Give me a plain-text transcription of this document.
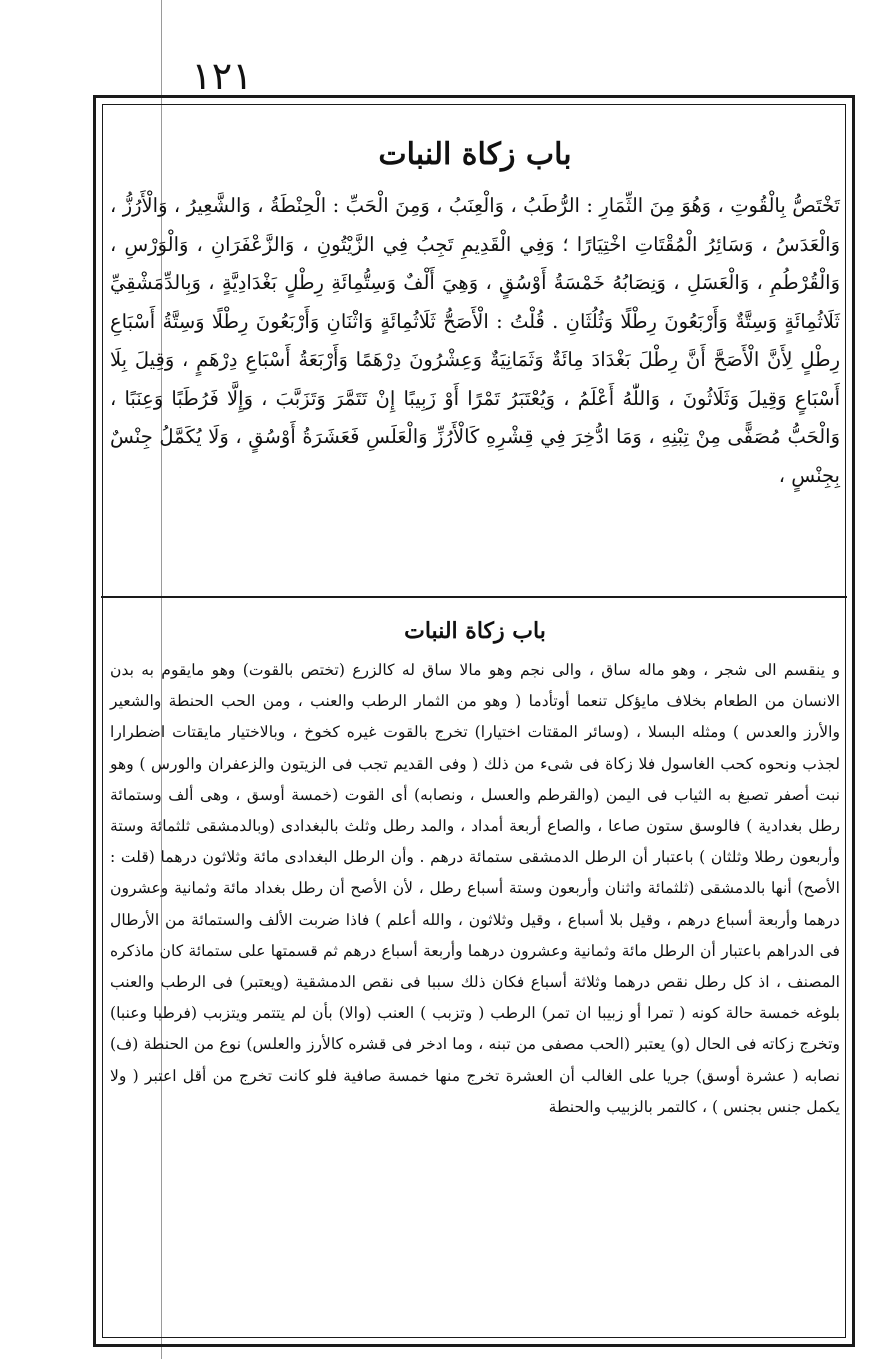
١٢١
باب زكاة النبات

تَخْتَصُّ بِالْقُوتِ ، وَهُوَ مِنَ الثِّمَارِ : الرُّطَبُ ، وَالْعِنَبُ ، وَمِنَ الْحَبِّ : الْحِنْطَةُ ، وَالشَّعِيرُ ، وَالْأَرُزُّ ، وَالْعَدَسُ ، وَسَائِرُ الْمُقْتَاتِ اخْتِيَارًا ؛ وَفِي الْقَدِيمِ تَجِبُ فِي الزَّيْتُونِ ، وَالزَّعْفَرَانِ ، وَالْوَرْسِ ، وَالْقُرْطُمِ ، وَالْعَسَلِ ، وَنِصَابُهُ خَمْسَةُ أَوْسُقٍ ، وَهِيَ أَلْفٌ وَسِتُّمِائَةِ رِطْلٍ بَغْدَادِيَّةٍ ، وَبِالدِّمَشْقِيِّ ثَلَاثُمِائَةٍ وَسِتَّةٌ وَأَرْبَعُونَ رِطْلًا وَثُلُثَانِ . قُلْتُ : الْأَصَحُّ ثَلَاثُمِائَةٍ وَاثْنَانِ وَأَرْبَعُونَ رِطْلًا وَسِتَّةُ أَسْبَاعِ رِطْلٍ لِأَنَّ الْأَصَحَّ أَنَّ رِطْلَ بَغْدَادَ مِائَةٌ وَثَمَانِيَةٌ وَعِشْرُونَ دِرْهَمًا وَأَرْبَعَةُ أَسْبَاعِ دِرْهَمٍ ، وَقِيلَ بِلَا أَسْبَاعٍ وَقِيلَ وَثَلَاثُونَ ، وَاللّٰهُ أَعْلَمُ ، وَيُعْتَبَرُ تَمْرًا أَوْ زَبِيبًا إِنْ تَتَمَّرَ وَتَزَبَّبَ ، وَإِلَّا فَرُطَبًا وَعِنَبًا ، وَالْحَبُّ مُصَفًّى مِنْ تِبْنِهِ ، وَمَا ادُّخِرَ فِي قِشْرِهِ كَالْأَرُزِّ وَالْعَلَسِ فَعَشَرَةُ أَوْسُقٍ ، وَلَا يُكَمَّلُ جِنْسٌ بِجِنْسٍ ،

باب زكاة النبات

و ينقسم الى شجر ، وهو ماله ساق ، والى نجم وهو مالا ساق له كالزرع (تختص بالقوت) وهو مايقوم به بدن الانسان من الطعام بخلاف مايؤكل تنعما أوتأدما ( وهو من الثمار الرطب والعنب ، ومن الحب الحنطة والشعير والأرز والعدس ) ومثله البسلا ، (وسائر المقتات اختيارا) تخرج بالقوت غيره كخوخ ، وبالاختيار مايقتات اضطرارا لجذب ونحوه كحب الغاسول فلا زكاة فى شىء من ذلك ( وفى القديم تجب فى الزيتون والزعفران والورس ) وهو نبت أصفر تصبغ به الثياب فى اليمن (والقرطم والعسل ، ونصابه) أى القوت (خمسة أوسق ، وهى ألف وستمائة رطل بغدادية ) فالوسق ستون صاعا ، والصاع أربعة أمداد ، والمد رطل وثلث بالبغدادى (وبالدمشقى ثلثمائة وستة وأربعون رطلا وثلثان ) باعتبار أن الرطل الدمشقى ستمائة درهم . وأن الرطل البغدادى مائة وثلاثون درهما (قلت : الأصح) أنها بالدمشقى (ثلثمائة واثنان وأربعون وستة أسباع رطل ، لأن الأصح أن رطل بغداد مائة وثمانية وعشرون درهما وأربعة أسباع درهم ، وقيل بلا أسباع ، وقيل وثلاثون ، والله أعلم ) فاذا ضربت الألف والستمائة من الأرطال فى الدراهم باعتبار أن الرطل مائة وثمانية وعشرون درهما وأربعة أسباع درهم ثم قسمتها على ستمائة كان ماذكره المصنف ، اذ كل رطل نقص درهما وثلاثة أسباع فكان ذلك سببا فى نقص الدمشقية (ويعتبر) فى الرطب والعنب بلوغه خمسة حالة كونه ( تمرا أو زبيبا ان تمر) الرطب ( وتزبب ) العنب (والا) بأن لم يتتمر ويتزبب (فرطبا وعنبا) وتخرج زكاته فى الحال (و) يعتبر (الحب مصفى من تبنه ، وما ادخر فى قشره كالأرز والعلس) نوع من الحنطة (ف) نصابه ( عشرة أوسق) جريا على الغالب أن العشرة تخرج منها خمسة صافية فلو كانت تخرج من أقل اعتبر ( ولا يكمل جنس بجنس ) ، كالتمر بالزبيب والحنطة
